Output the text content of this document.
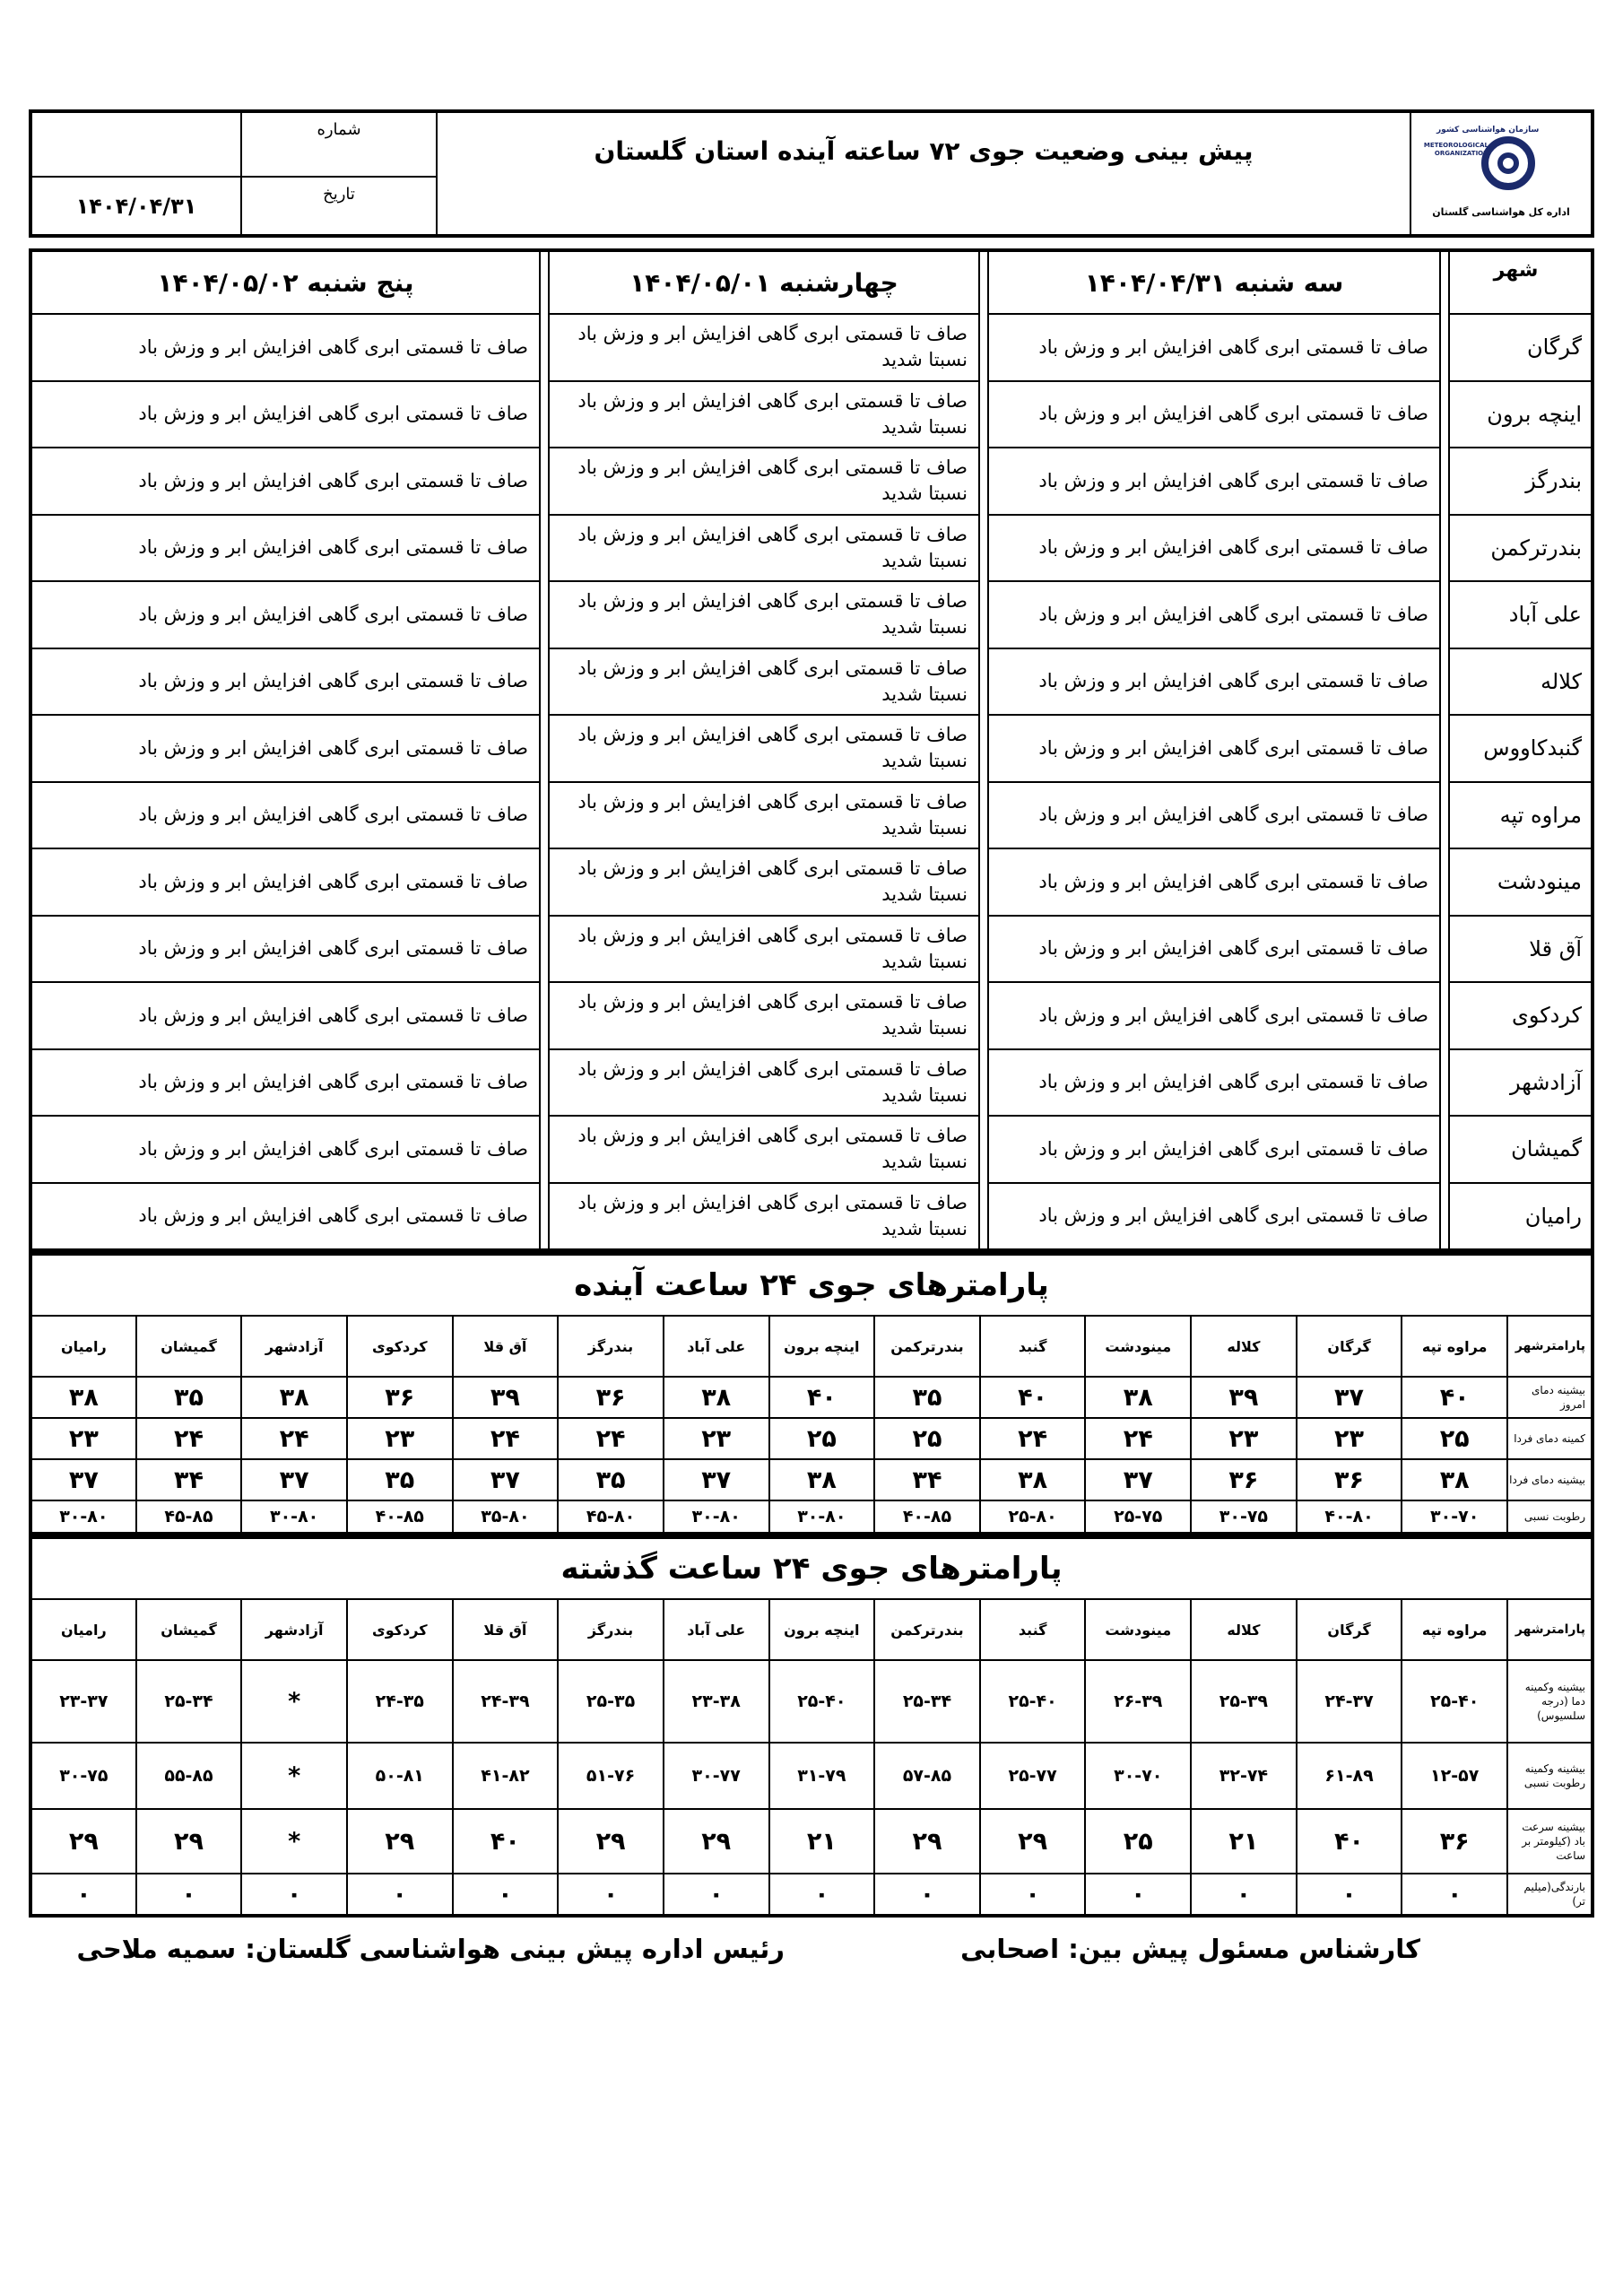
سازمان هواشناسی کشور
METEOROLOGICAL ORGANIZATION
اداره کل هواشناسی گلستان	پیش بینی وضعیت جوی ۷۲ ساعته آینده استان گلستان	شماره	
		تاریخ	۱۴۰۴/۰۴/۳۱
شهر		سه شنبه ۱۴۰۴/۰۴/۳۱		چهارشنبه ۱۴۰۴/۰۵/۰۱		پنج شنبه ۱۴۰۴/۰۵/۰۲
گرگان		صاف تا قسمتی ابری گاهی افزایش ابر و وزش باد		صاف تا قسمتی ابری گاهی افزایش ابر و وزش باد نسبتا شدید		صاف تا قسمتی ابری گاهی افزایش ابر و وزش باد
اینچه برون		صاف تا قسمتی ابری گاهی افزایش ابر و وزش باد		صاف تا قسمتی ابری گاهی افزایش ابر و وزش باد نسبتا شدید		صاف تا قسمتی ابری گاهی افزایش ابر و وزش باد
بندرگز		صاف تا قسمتی ابری گاهی افزایش ابر و وزش باد		صاف تا قسمتی ابری گاهی افزایش ابر و وزش باد نسبتا شدید		صاف تا قسمتی ابری گاهی افزایش ابر و وزش باد
بندرترکمن		صاف تا قسمتی ابری گاهی افزایش ابر و وزش باد		صاف تا قسمتی ابری گاهی افزایش ابر و وزش باد نسبتا شدید		صاف تا قسمتی ابری گاهی افزایش ابر و وزش باد
علی آباد		صاف تا قسمتی ابری گاهی افزایش ابر و وزش باد		صاف تا قسمتی ابری گاهی افزایش ابر و وزش باد نسبتا شدید		صاف تا قسمتی ابری گاهی افزایش ابر و وزش باد
کلاله		صاف تا قسمتی ابری گاهی افزایش ابر و وزش باد		صاف تا قسمتی ابری گاهی افزایش ابر و وزش باد نسبتا شدید		صاف تا قسمتی ابری گاهی افزایش ابر و وزش باد
گنبدکاووس		صاف تا قسمتی ابری گاهی افزایش ابر و وزش باد		صاف تا قسمتی ابری گاهی افزایش ابر و وزش باد نسبتا شدید		صاف تا قسمتی ابری گاهی افزایش ابر و وزش باد
مراوه تپه		صاف تا قسمتی ابری گاهی افزایش ابر و وزش باد		صاف تا قسمتی ابری گاهی افزایش ابر و وزش باد نسبتا شدید		صاف تا قسمتی ابری گاهی افزایش ابر و وزش باد
مینودشت		صاف تا قسمتی ابری گاهی افزایش ابر و وزش باد		صاف تا قسمتی ابری گاهی افزایش ابر و وزش باد نسبتا شدید		صاف تا قسمتی ابری گاهی افزایش ابر و وزش باد
آق قلا		صاف تا قسمتی ابری گاهی افزایش ابر و وزش باد		صاف تا قسمتی ابری گاهی افزایش ابر و وزش باد نسبتا شدید		صاف تا قسمتی ابری گاهی افزایش ابر و وزش باد
کردکوی		صاف تا قسمتی ابری گاهی افزایش ابر و وزش باد		صاف تا قسمتی ابری گاهی افزایش ابر و وزش باد نسبتا شدید		صاف تا قسمتی ابری گاهی افزایش ابر و وزش باد
آزادشهر		صاف تا قسمتی ابری گاهی افزایش ابر و وزش باد		صاف تا قسمتی ابری گاهی افزایش ابر و وزش باد نسبتا شدید		صاف تا قسمتی ابری گاهی افزایش ابر و وزش باد
گمیشان		صاف تا قسمتی ابری گاهی افزایش ابر و وزش باد		صاف تا قسمتی ابری گاهی افزایش ابر و وزش باد نسبتا شدید		صاف تا قسمتی ابری گاهی افزایش ابر و وزش باد
رامیان		صاف تا قسمتی ابری گاهی افزایش ابر و وزش باد		صاف تا قسمتی ابری گاهی افزایش ابر و وزش باد نسبتا شدید		صاف تا قسمتی ابری گاهی افزایش ابر و وزش باد
پارامترهای جوی ۲۴ ساعت آینده														
پارامترشهر	مراوه تپه	گرگان	کلاله	مینودشت	گنبد	بندرترکمن	اینچه برون	علی آباد	بندرگز	آق قلا	کردکوی	آزادشهر	گمیشان	رامیان
بیشینه دمای امروز	۴۰	۳۷	۳۹	۳۸	۴۰	۳۵	۴۰	۳۸	۳۶	۳۹	۳۶	۳۸	۳۵	۳۸
کمینه دمای فردا	۲۵	۲۳	۲۳	۲۴	۲۴	۲۵	۲۵	۲۳	۲۴	۲۴	۲۳	۲۴	۲۴	۲۳
بیشینه دمای فردا	۳۸	۳۶	۳۶	۳۷	۳۸	۳۴	۳۸	۳۷	۳۵	۳۷	۳۵	۳۷	۳۴	۳۷
رطوبت نسبی	۳۰-۷۰	۴۰-۸۰	۳۰-۷۵	۲۵-۷۵	۲۵-۸۰	۴۰-۸۵	۳۰-۸۰	۳۰-۸۰	۴۵-۸۰	۳۵-۸۰	۴۰-۸۵	۳۰-۸۰	۴۵-۸۵	۳۰-۸۰
پارامترهای جوی ۲۴ ساعت گذشته														
پارامترشهر	مراوه تپه	گرگان	کلاله	مینودشت	گنبد	بندرترکمن	اینچه برون	علی آباد	بندرگز	آق قلا	کردکوی	آزادشهر	گمیشان	رامیان
بیشینه وکمینه دما (درجه سلسیوس)	۲۵-۴۰	۲۴-۳۷	۲۵-۳۹	۲۶-۳۹	۲۵-۴۰	۲۵-۳۴	۲۵-۴۰	۲۳-۳۸	۲۵-۳۵	۲۴-۳۹	۲۴-۳۵	*	۲۵-۳۴	۲۳-۳۷
بیشینه وکمینه رطوبت نسبی	۱۲-۵۷	۶۱-۸۹	۳۲-۷۴	۳۰-۷۰	۲۵-۷۷	۵۷-۸۵	۳۱-۷۹	۳۰-۷۷	۵۱-۷۶	۴۱-۸۲	۵۰-۸۱	*	۵۵-۸۵	۳۰-۷۵
بیشینه سرعت باد (کیلومتر بر ساعت	۳۶	۴۰	۲۱	۲۵	۲۹	۲۹	۲۱	۲۹	۲۹	۴۰	۲۹	*	۲۹	۲۹
بارندگی(میلیم تر)	۰	۰	۰	۰	۰	۰	۰	۰	۰	۰	۰	۰	۰	۰
کارشناس مسئول پیش بین: اصحابی
رئیس اداره پیش بینی هواشناسی گلستان: سمیه ملاحی
